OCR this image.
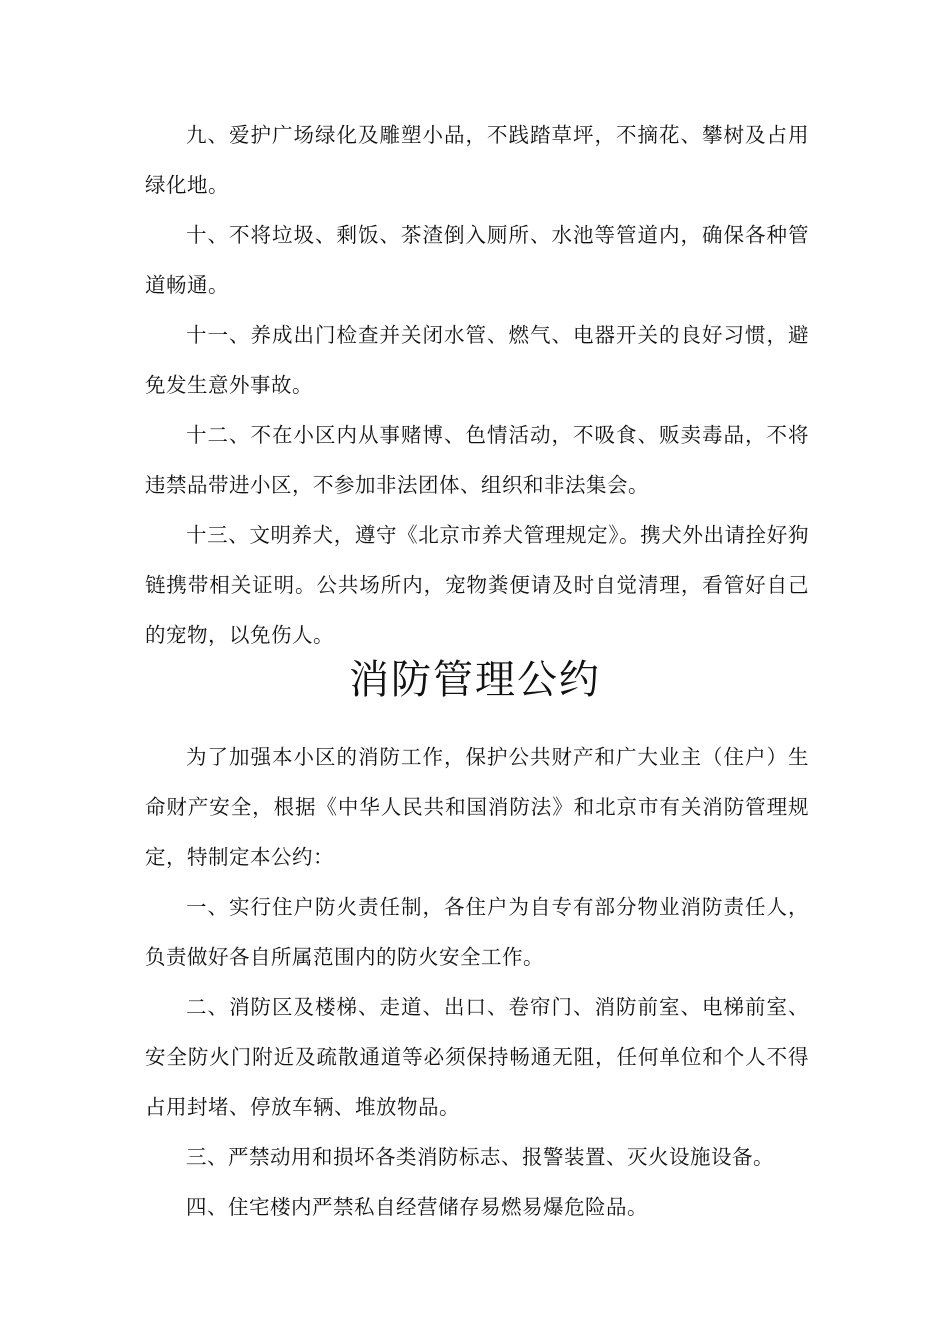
九、爱护广场绿化及雕塑小品，不践踏草坪，不摘花、攀树及占用绿化地。

十、不将垃圾、剩饭、茶渣倒入厕所、水池等管道内，确保各种管道畅通。

十一、养成出门检查并关闭水管、燃气、电器开关的良好习惯，避免发生意外事故。

十二、不在小区内从事赌博、色情活动，不吸食、贩卖毒品，不将违禁品带进小区，不参加非法团体、组织和非法集会。

十三、文明养犬，遵守《北京市养犬管理规定》。携犬外出请拴好狗链携带相关证明。公共场所内，宠物粪便请及时自觉清理，看管好自己的宠物，以免伤人。

消防管理公约

为了加强本小区的消防工作，保护公共财产和广大业主（住户）生命财产安全，根据《中华人民共和国消防法》和北京市有关消防管理规定，特制定本公约：

一、实行住户防火责任制，各住户为自专有部分物业消防责任人，负责做好各自所属范围内的防火安全工作。

二、消防区及楼梯、走道、出口、卷帘门、消防前室、电梯前室、安全防火门附近及疏散通道等必须保持畅通无阻，任何单位和个人不得占用封堵、停放车辆、堆放物品。

三、严禁动用和损坏各类消防标志、报警装置、灭火设施设备。

四、住宅楼内严禁私自经营储存易燃易爆危险品。
